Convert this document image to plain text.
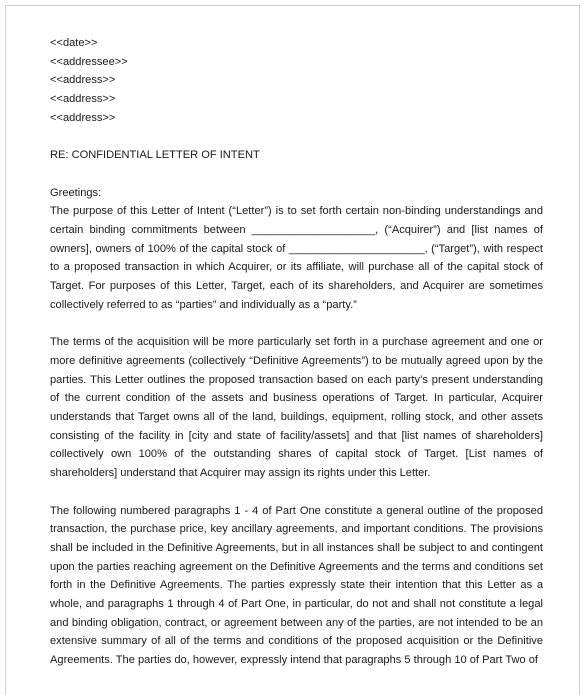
<<date>>
<<addressee>>
<<address>>
<<address>>
<<address>>
RE: CONFIDENTIAL LETTER OF INTENT
Greetings:

The purpose of this Letter of Intent (“Letter”) is to set forth certain non-binding understandings and certain binding commitments between ____________________, (“Acquirer”) and [list names of owners], owners of 100% of the capital stock of ______________________, (“Target”), with respect to a proposed transaction in which Acquirer, or its affiliate, will purchase all of the capital stock of Target. For purposes of this Letter, Target, each of its shareholders, and Acquirer are sometimes collectively referred to as “parties” and individually as a “party.”

The terms of the acquisition will be more particularly set forth in a purchase agreement and one or more definitive agreements (collectively “Definitive Agreements”) to be mutually agreed upon by the parties. This Letter outlines the proposed transaction based on each party’s present understanding of the current condition of the assets and business operations of Target. In particular, Acquirer understands that Target owns all of the land, buildings, equipment, rolling stock, and other assets consisting of the facility in [city and state of facility/assets] and that [list names of shareholders] collectively own 100% of the outstanding shares of capital stock of Target. [List names of shareholders] understand that Acquirer may assign its rights under this Letter.

The following numbered paragraphs 1 - 4 of Part One constitute a general outline of the proposed transaction, the purchase price, key ancillary agreements, and important conditions. The provisions shall be included in the Definitive Agreements, but in all instances shall be subject to and contingent upon the parties reaching agreement on the Definitive Agreements and the terms and conditions set forth in the Definitive Agreements. The parties expressly state their intention that this Letter as a whole, and paragraphs 1 through 4 of Part One, in particular, do not and shall not constitute a legal and binding obligation, contract, or agreement between any of the parties, are not intended to be an extensive summary of all of the terms and conditions of the proposed acquisition or the Definitive Agreements. The parties do, however, expressly intend that paragraphs 5 through 10 of Part Two of
